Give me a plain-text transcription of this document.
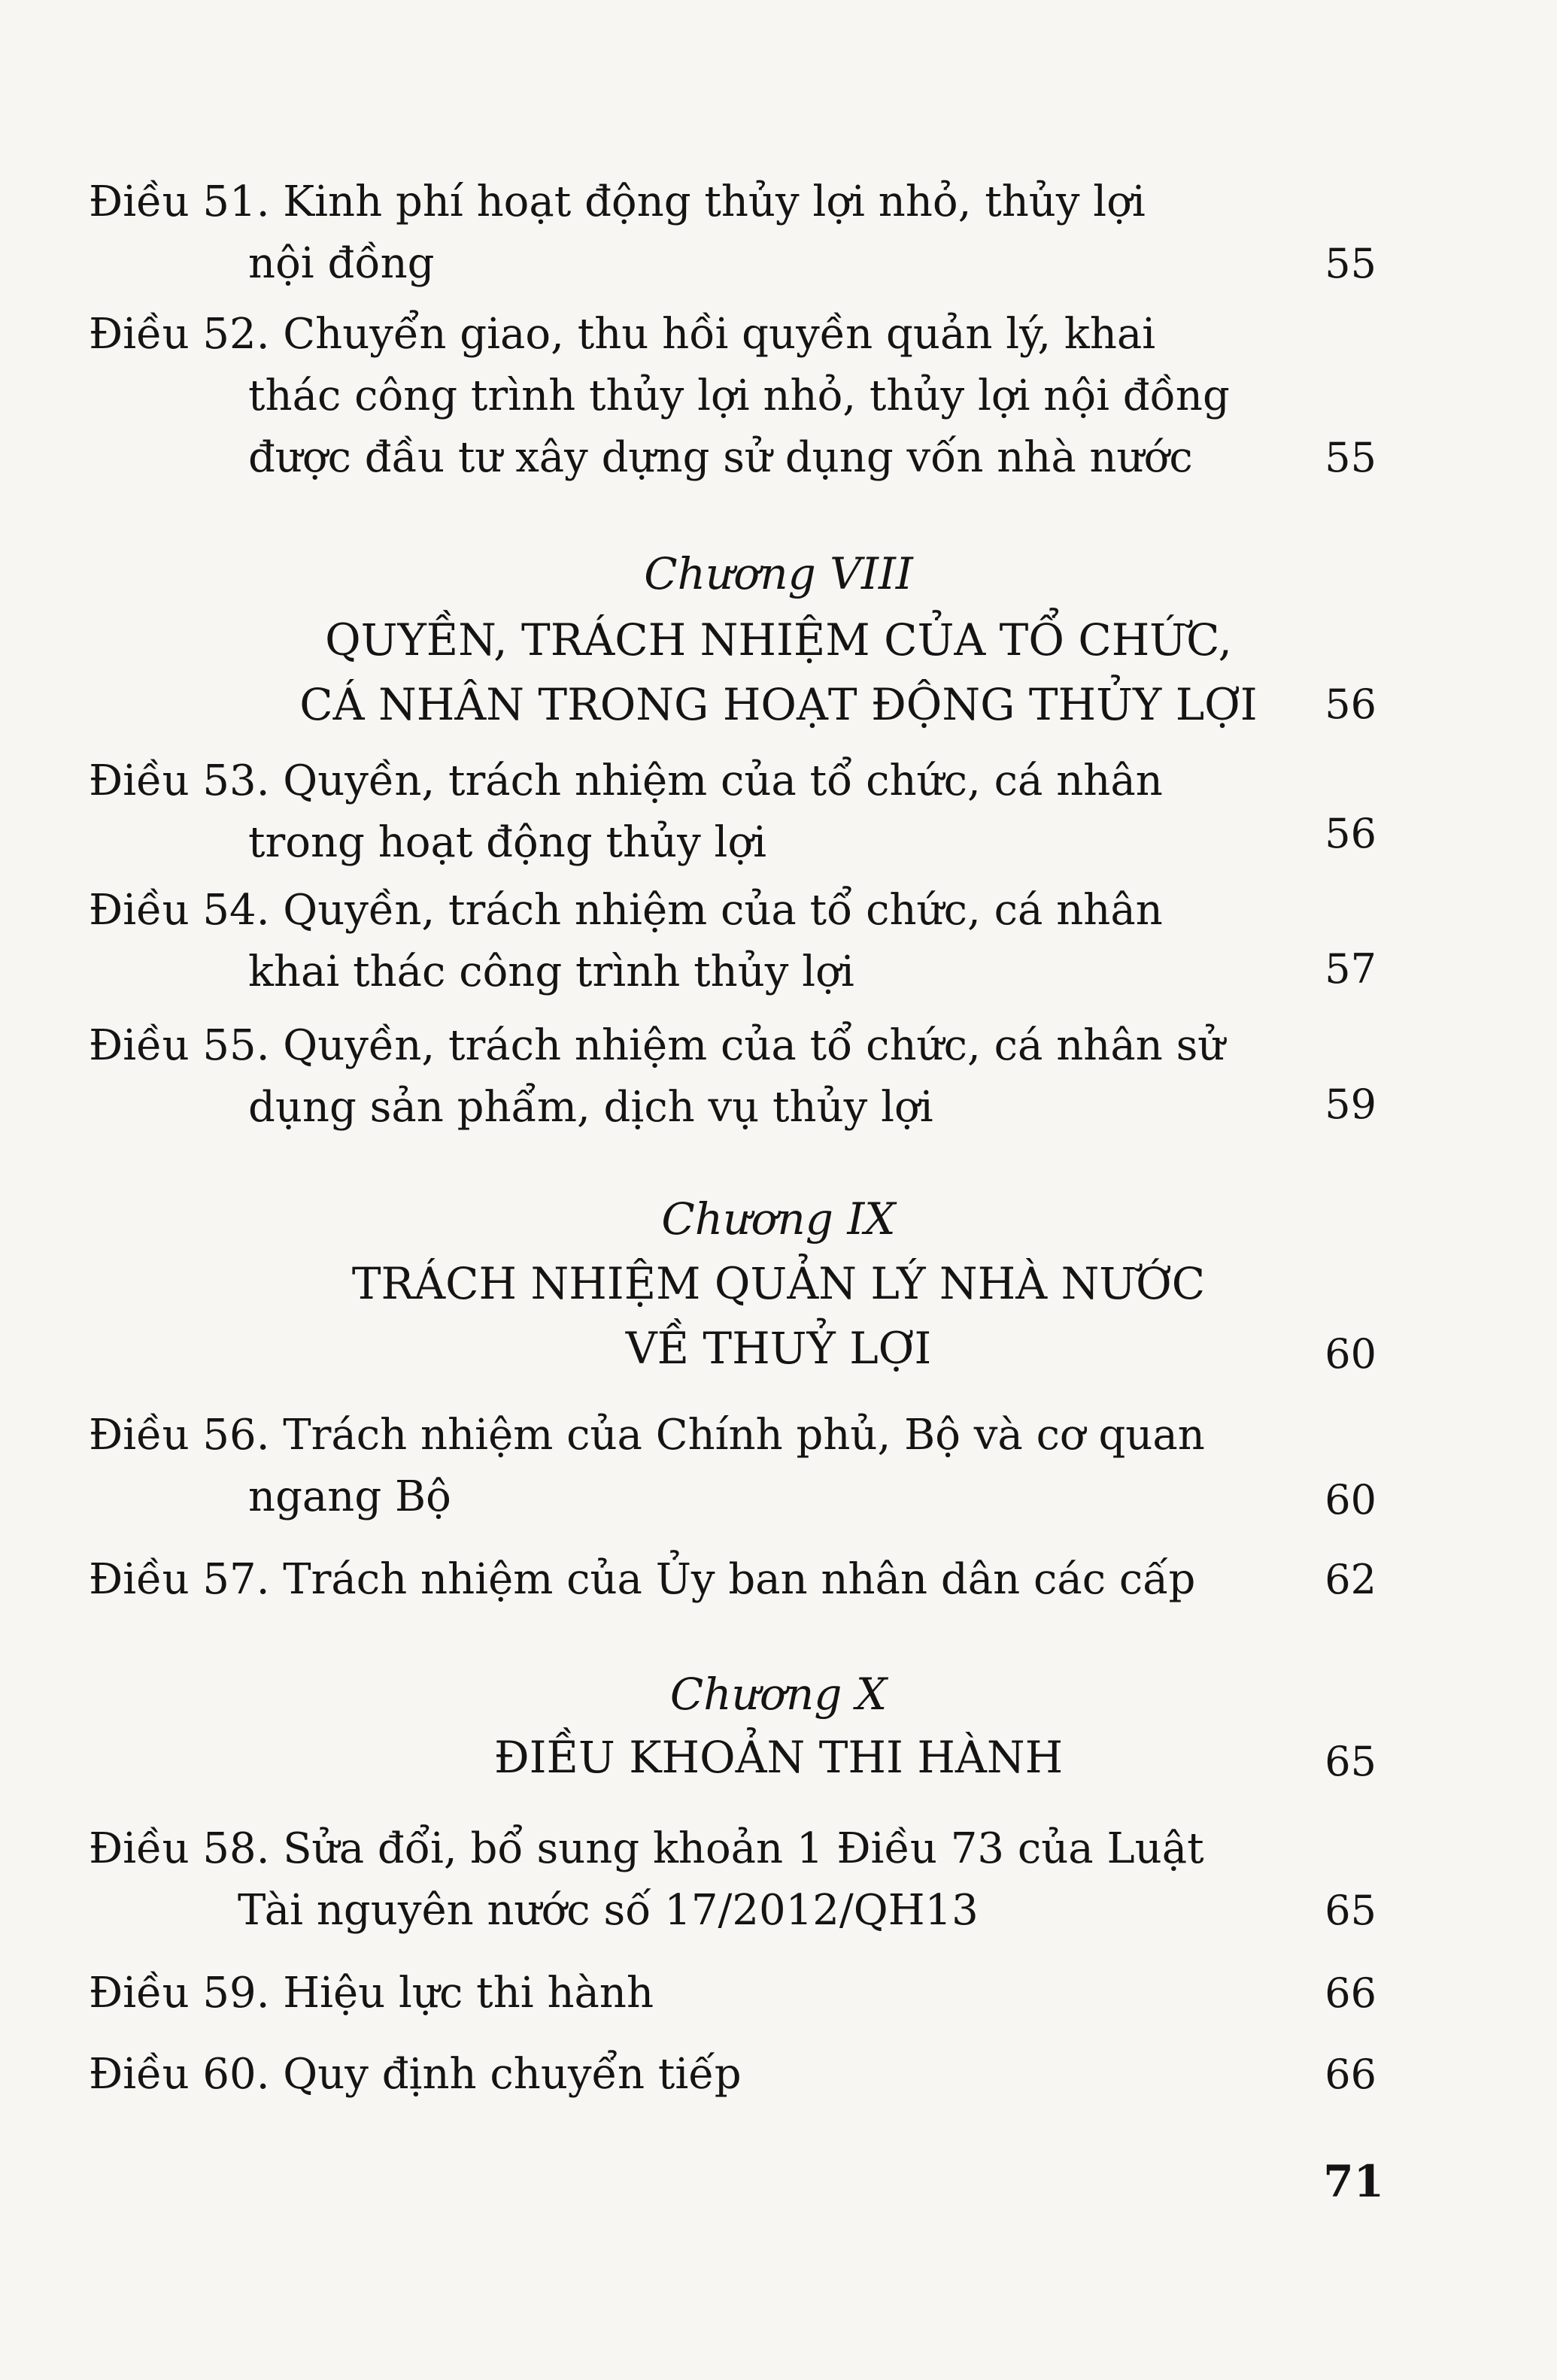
Điều 51. Kinh phí hoạt động thủy lợi nhỏ, thủy lợi
nội đồng	55
Điều 52. Chuyển giao, thu hồi quyền quản lý, khai
thác công trình thủy lợi nhỏ, thủy lợi nội đồng
được đầu tư xây dựng sử dụng vốn nhà nước	55
Chương VIII
QUYỀN, TRÁCH NHIỆM CỦA TỔ CHỨC,
CÁ NHÂN TRONG HOẠT ĐỘNG THỦY LỢI	56
Điều 53. Quyền, trách nhiệm của tổ chức, cá nhân
trong hoạt động thủy lợi	56
Điều 54. Quyền, trách nhiệm của tổ chức, cá nhân
khai thác công trình thủy lợi	57
Điều 55. Quyền, trách nhiệm của tổ chức, cá nhân sử
dụng sản phẩm, dịch vụ thủy lợi	59
Chương IX
TRÁCH NHIỆM QUẢN LÝ NHÀ NƯỚC
VỀ THUỶ LỢI	60
Điều 56. Trách nhiệm của Chính phủ, Bộ và cơ quan
ngang Bộ	60
Điều 57. Trách nhiệm của Ủy ban nhân dân các cấp	62
Chương X
ĐIỀU KHOẢN THI HÀNH	65
Điều 58. Sửa đổi, bổ sung khoản 1 Điều 73 của Luật
Tài nguyên nước số 17/2012/QH13	65
Điều 59. Hiệu lực thi hành	66
Điều 60. Quy định chuyển tiếp	66
71
